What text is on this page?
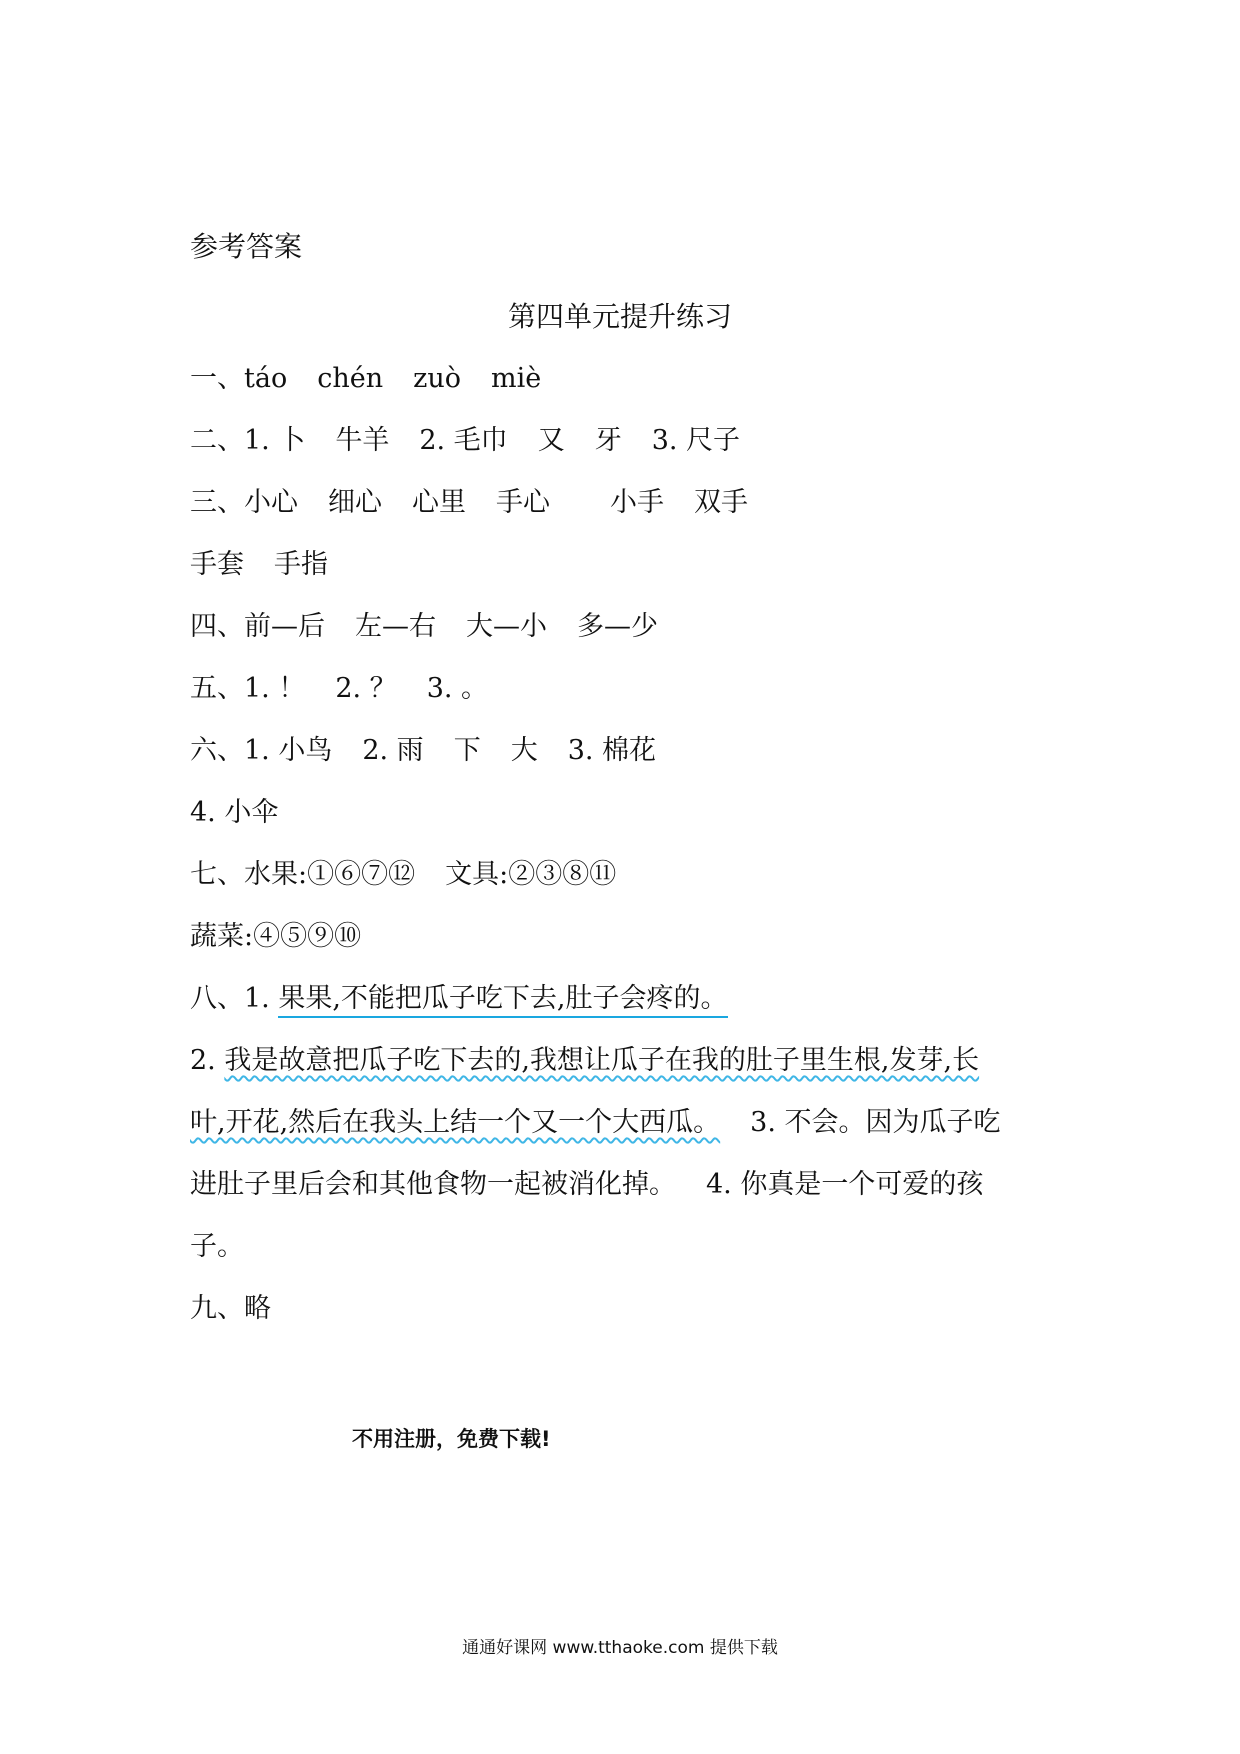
参考答案
第四单元提升练习
一、táo chén zuò miè
二、1. 卜 牛羊 2. 毛巾 又 牙 3. 尺子
三、小心 细心 心里 手心 小手 双手
手套 手指
四、前—后 左—右 大—小 多—少
五、1. ！ 2. ？ 3. 。
六、1. 小鸟 2. 雨 下 大 3. 棉花
4. 小伞
七、水果:①⑥⑦⑫ 文具:②③⑧⑪
蔬菜:④⑤⑨⑩
八、1. 果果,不能把瓜子吃下去,肚子会疼的。
2. 我是故意把瓜子吃下去的,我想让瓜子在我的肚子里生根,发芽,长
叶,开花,然后在我头上结一个又一个大西瓜。 3. 不会。因为瓜子吃
进肚子里后会和其他食物一起被消化掉。 4. 你真是一个可爱的孩
子。
九、略
不用注册，免费下载!
通通好课网 www.tthaoke.com 提供下载
